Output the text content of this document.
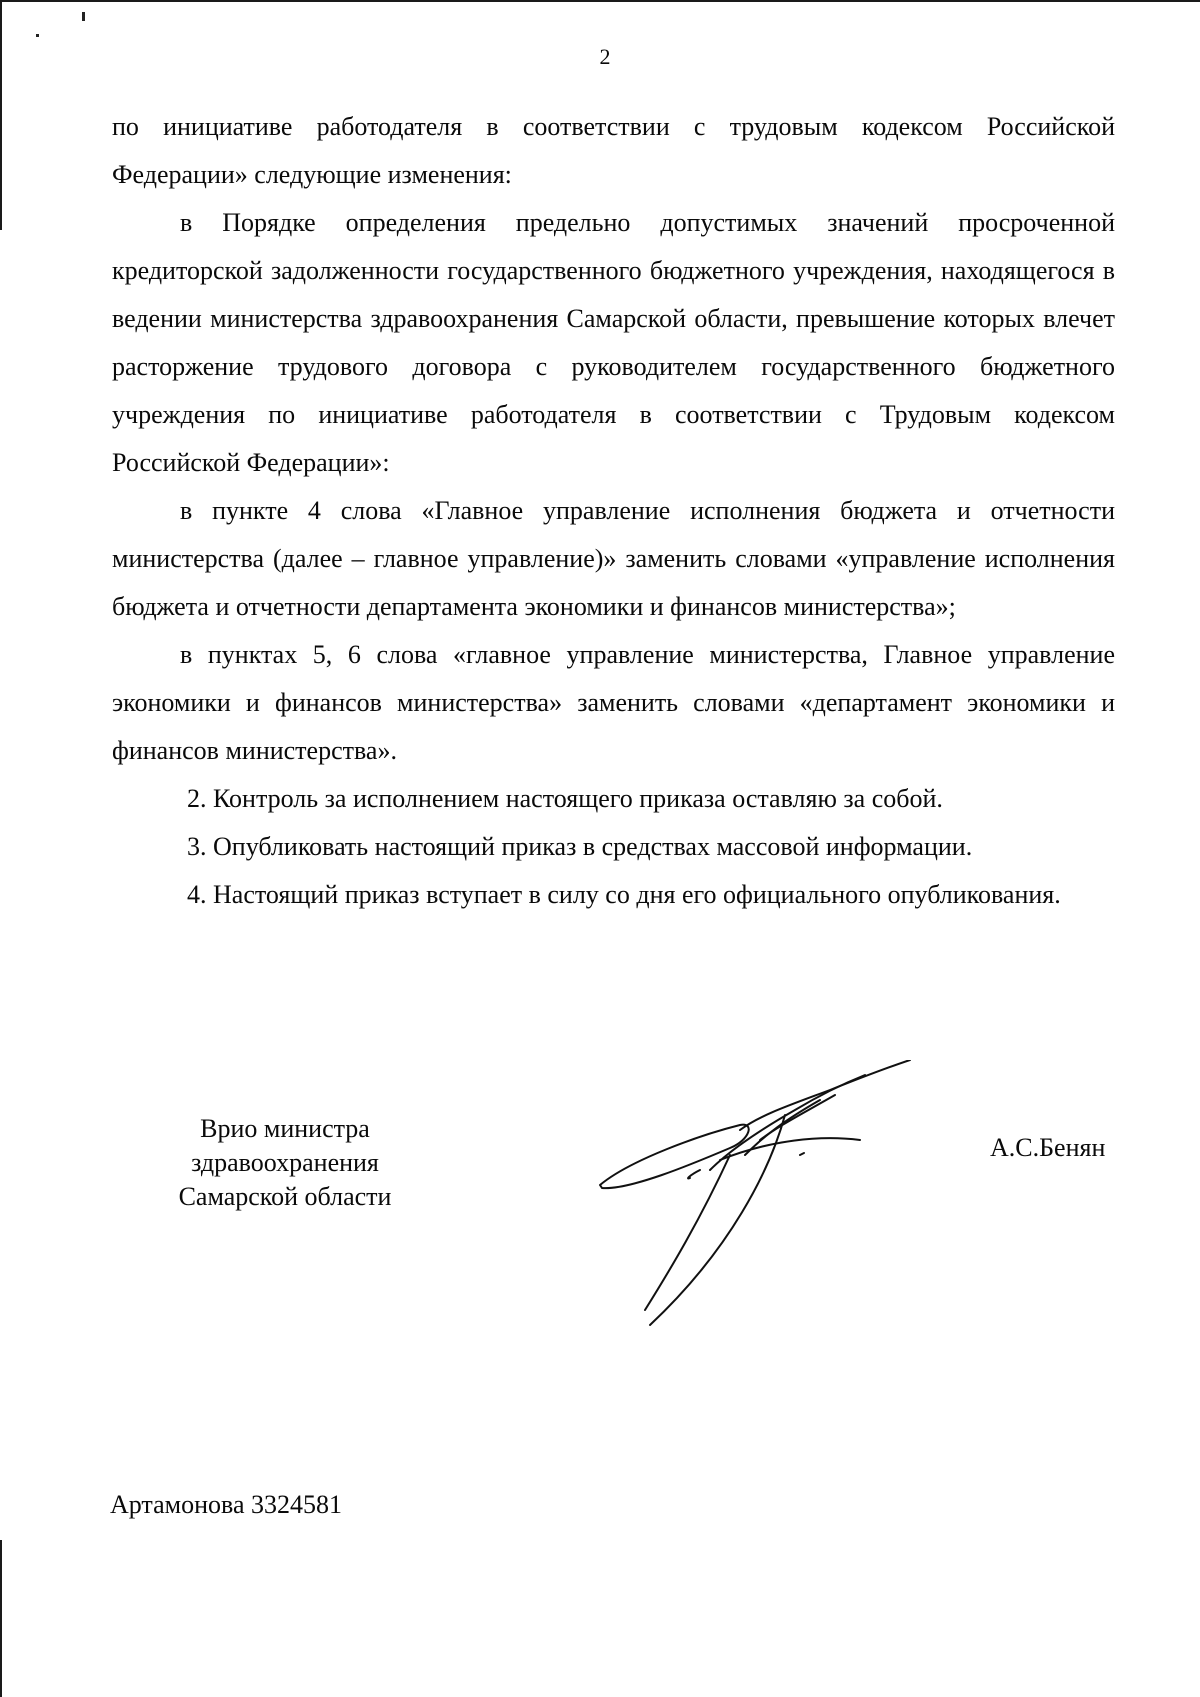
2

по инициативе работодателя в соответствии с трудовым кодексом Российской Федерации» следующие изменения:

в Порядке определения предельно допустимых значений просроченной кредиторской задолженности государственного бюджетного учреждения, находящегося в ведении министерства здравоохранения Самарской области, превышение которых влечет расторжение трудового договора с руководителем государственного бюджетного учреждения по инициативе работодателя в соответствии с Трудовым кодексом Российской Федерации»:

в пункте 4 слова «Главное управление исполнения бюджета и отчетности министерства (далее – главное управление)» заменить словами «управление исполнения бюджета и отчетности департамента экономики и финансов министерства»;

в пунктах 5, 6 слова «главное управление министерства, Главное управление экономики и финансов министерства» заменить словами «департамент экономики и финансов министерства».

2. Контроль за исполнением настоящего приказа оставляю за собой.

3. Опубликовать настоящий приказ в средствах массовой информации.

4. Настоящий приказ вступает в силу со дня его официального опубликования.

Врио министра
здравоохранения
Самарской области
А.С.Бенян
Артамонова 3324581
